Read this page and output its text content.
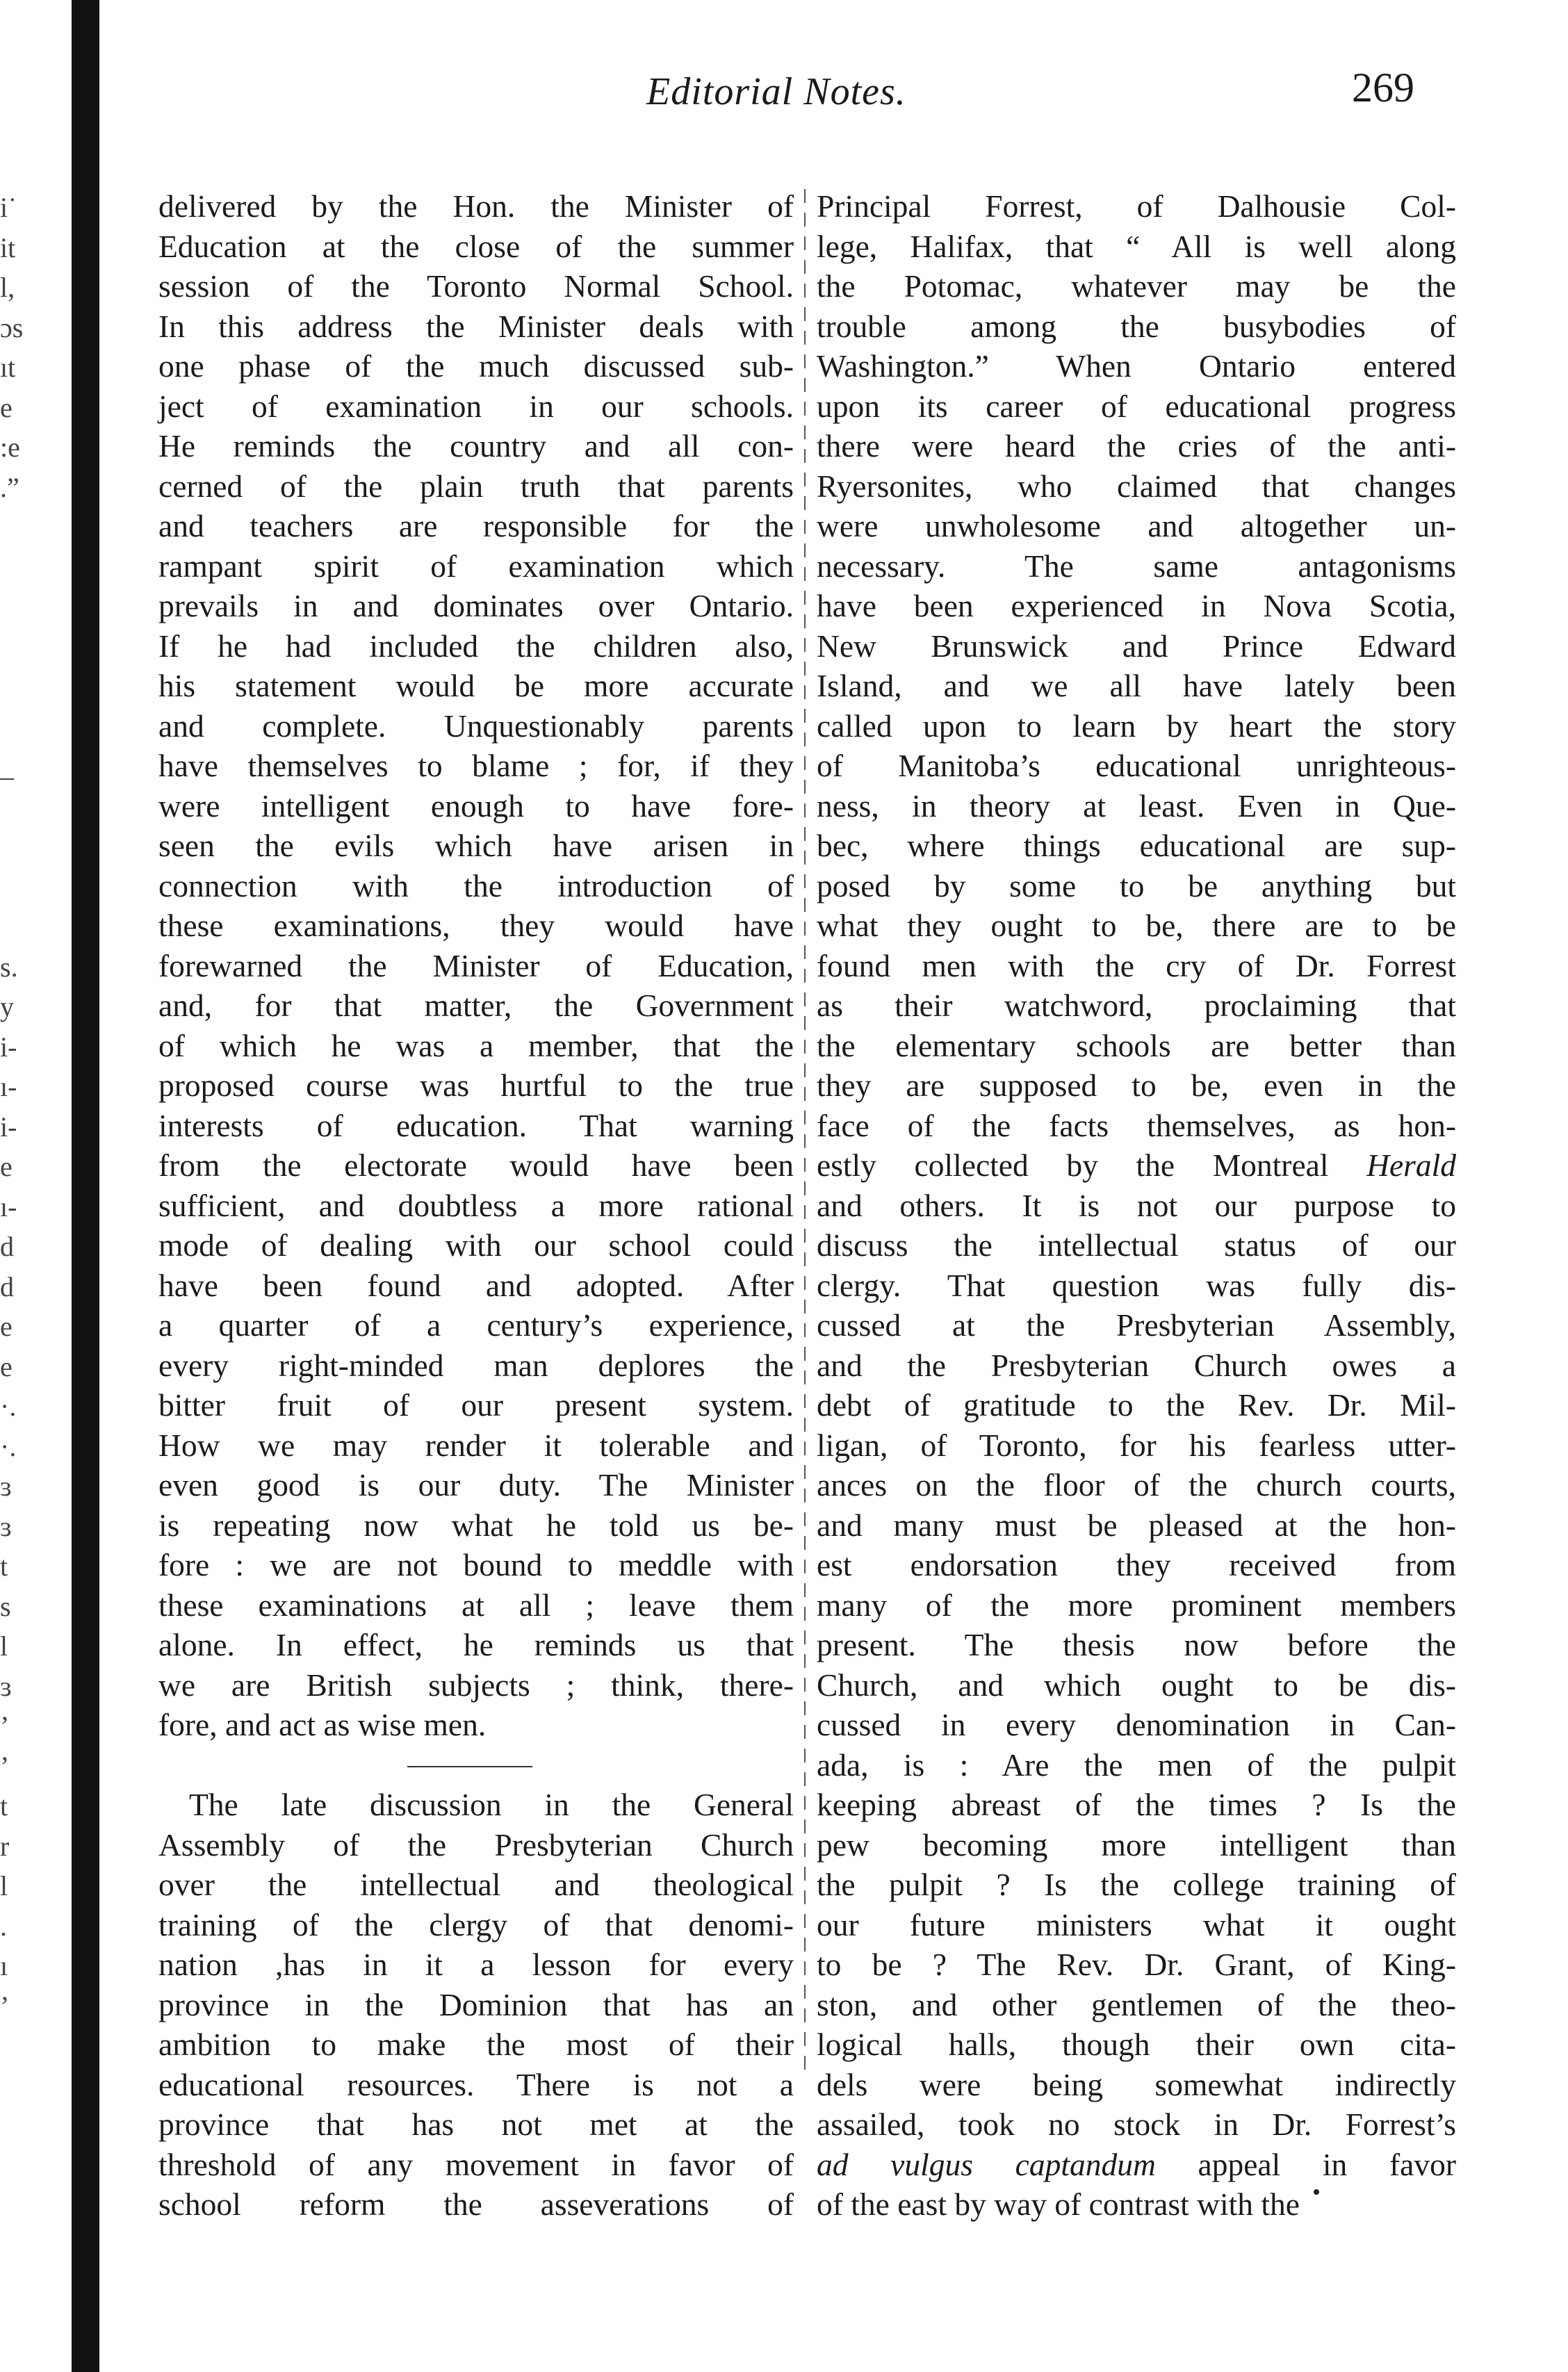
i˙
it
l,
ɔs
ıt
e
:e
.”
_
s.
y
i-
ı-
i-
e
ı-
d
d
e
e
·.
·.
ɜ
ɜ
t
s
l
ɜ
’
’
t
r
l
.
ı
’
Editorial Notes.	269
delivered by the Hon. the Minister of
Education at the close of the summer
session of the Toronto Normal School.
In this address the Minister deals with
one phase of the much discussed sub-
ject of examination in our schools.
He reminds the country and all con-
cerned of the plain truth that parents
and teachers are responsible for the
rampant spirit of examination which
prevails in and dominates over Ontario.
If he had included the children also,
his statement would be more accurate
and complete. Unquestionably parents
have themselves to blame ; for, if they
were intelligent enough to have fore-
seen the evils which have arisen in
connection with the introduction of
these examinations, they would have
forewarned the Minister of Education,
and, for that matter, the Government
of which he was a member, that the
proposed course was hurtful to the true
interests of education. That warning
from the electorate would have been
sufficient, and doubtless a more rational
mode of dealing with our school could
have been found and adopted. After
a quarter of a century’s experience,
every right-minded man deplores the
bitter fruit of our present system.
How we may render it tolerable and
even good is our duty. The Minister
is repeating now what he told us be-
fore : we are not bound to meddle with
these examinations at all ; leave them
alone. In effect, he reminds us that
we are British subjects ; think, there-
fore, and act as wise men.
The late discussion in the General
Assembly of the Presbyterian Church
over the intellectual and theological
training of the clergy of that denomi-
nation ,has in it a lesson for every
province in the Dominion that has an
ambition to make the most of their
educational resources. There is not a
province that has not met at the
threshold of any movement in favor of
school reform the asseverations of
Principal Forrest, of Dalhousie Col-
lege, Halifax, that “ All is well along
the Potomac, whatever may be the
trouble among the busybodies of
Washington.” When Ontario entered
upon its career of educational progress
there were heard the cries of the anti-
Ryersonites, who claimed that changes
were unwholesome and altogether un-
necessary. The same antagonisms
have been experienced in Nova Scotia,
New Brunswick and Prince Edward
Island, and we all have lately been
called upon to learn by heart the story
of Manitoba’s educational unrighteous-
ness, in theory at least. Even in Que-
bec, where things educational are sup-
posed by some to be anything but
what they ought to be, there are to be
found men with the cry of Dr. Forrest
as their watchword, proclaiming that
the elementary schools are better than
they are supposed to be, even in the
face of the facts themselves, as hon-
estly collected by the Montreal Herald
and others. It is not our purpose to
discuss the intellectual status of our
clergy. That question was fully dis-
cussed at the Presbyterian Assembly,
and the Presbyterian Church owes a
debt of gratitude to the Rev. Dr. Mil-
ligan, of Toronto, for his fearless utter-
ances on the floor of the church courts,
and many must be pleased at the hon-
est endorsation they received from
many of the more prominent members
present. The thesis now before the
Church, and which ought to be dis-
cussed in every denomination in Can-
ada, is : Are the men of the pulpit
keeping abreast of the times ? Is the
pew becoming more intelligent than
the pulpit ? Is the college training of
our future ministers what it ought
to be ? The Rev. Dr. Grant, of King-
ston, and other gentlemen of the theo-
logical halls, though their own cita-
dels were being somewhat indirectly
assailed, took no stock in Dr. Forrest’s
ad vulgus captandum appeal in favor
of the east by way of contrast with the
